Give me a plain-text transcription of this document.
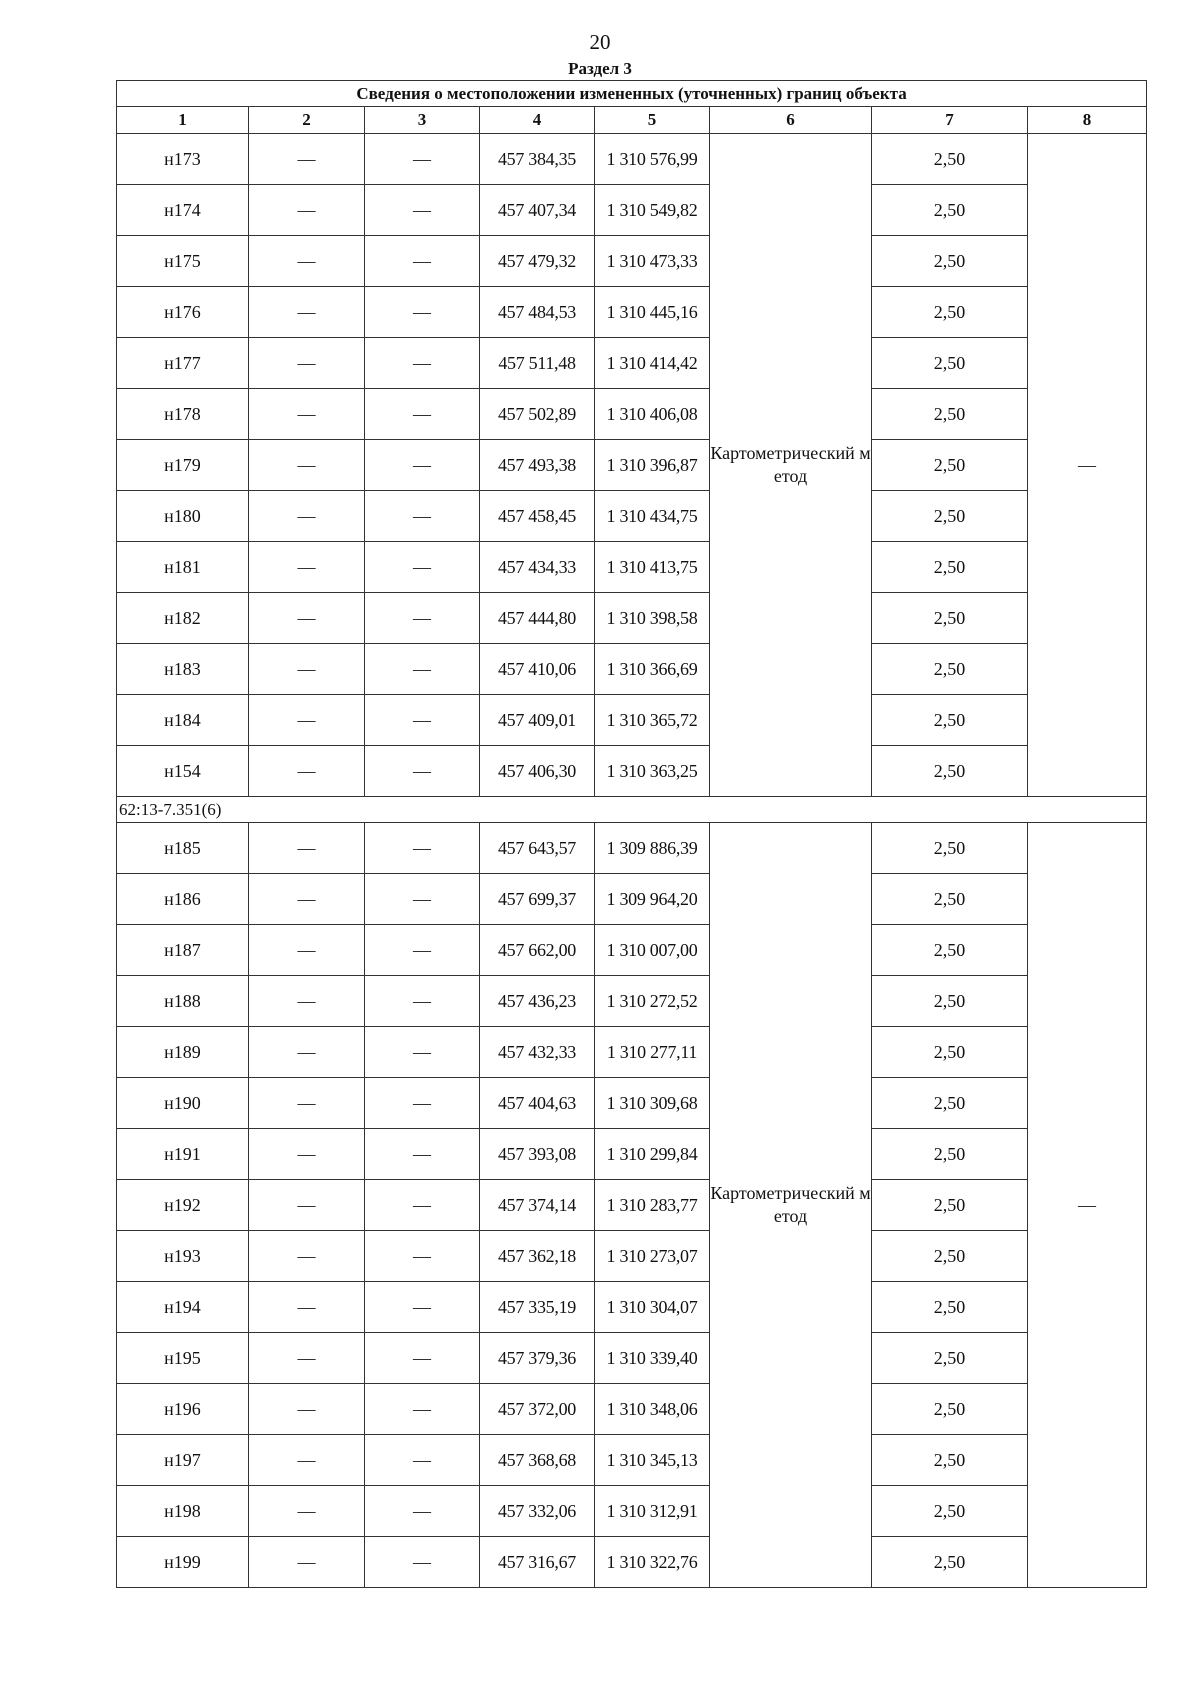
20
Раздел 3
Сведения о местоположении измененных (уточненных) границ объекта							
1	2	3	4	5	6	7	8
н173	—	—	457 384,35	1 310 576,99	Картометрический метод	2,50	—
н174	—	—	457 407,34	1 310 549,82		2,50	
н175	—	—	457 479,32	1 310 473,33		2,50	
н176	—	—	457 484,53	1 310 445,16		2,50	
н177	—	—	457 511,48	1 310 414,42		2,50	
н178	—	—	457 502,89	1 310 406,08		2,50	
н179	—	—	457 493,38	1 310 396,87		2,50	
н180	—	—	457 458,45	1 310 434,75		2,50	
н181	—	—	457 434,33	1 310 413,75		2,50	
н182	—	—	457 444,80	1 310 398,58		2,50	
н183	—	—	457 410,06	1 310 366,69		2,50	
н184	—	—	457 409,01	1 310 365,72		2,50	
н154	—	—	457 406,30	1 310 363,25		2,50	
62:13-7.351(6)							
н185	—	—	457 643,57	1 309 886,39	Картометрический метод	2,50	—
н186	—	—	457 699,37	1 309 964,20		2,50	
н187	—	—	457 662,00	1 310 007,00		2,50	
н188	—	—	457 436,23	1 310 272,52		2,50	
н189	—	—	457 432,33	1 310 277,11		2,50	
н190	—	—	457 404,63	1 310 309,68		2,50	
н191	—	—	457 393,08	1 310 299,84		2,50	
н192	—	—	457 374,14	1 310 283,77		2,50	
н193	—	—	457 362,18	1 310 273,07		2,50	
н194	—	—	457 335,19	1 310 304,07		2,50	
н195	—	—	457 379,36	1 310 339,40		2,50	
н196	—	—	457 372,00	1 310 348,06		2,50	
н197	—	—	457 368,68	1 310 345,13		2,50	
н198	—	—	457 332,06	1 310 312,91		2,50	
н199	—	—	457 316,67	1 310 322,76		2,50	
